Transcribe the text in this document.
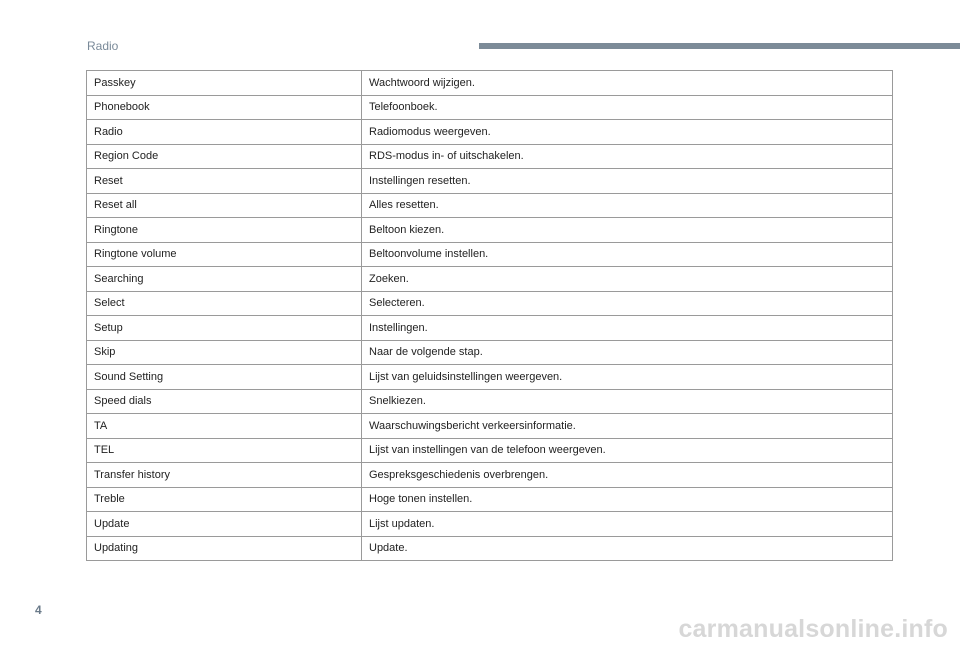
Radio
Passkey	Wachtwoord wijzigen.
Phonebook	Telefoonboek.
Radio	Radiomodus weergeven.
Region Code	RDS-modus in- of uitschakelen.
Reset	Instellingen resetten.
Reset all	Alles resetten.
Ringtone	Beltoon kiezen.
Ringtone volume	Beltoonvolume instellen.
Searching	Zoeken.
Select	Selecteren.
Setup	Instellingen.
Skip	Naar de volgende stap.
Sound Setting	Lijst van geluidsinstellingen weergeven.
Speed dials	Snelkiezen.
TA	Waarschuwingsbericht verkeersinformatie.
TEL	Lijst van instellingen van de telefoon weergeven.
Transfer history	Gespreksgeschiedenis overbrengen.
Treble	Hoge tonen instellen.
Update	Lijst updaten.
Updating	Update.
4
carmanualsonline.info
